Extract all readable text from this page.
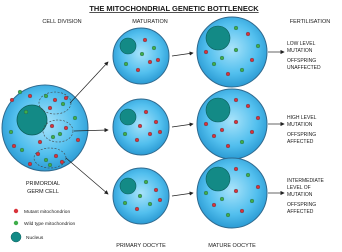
THE MITOCHONDRIAL GENETIC BOTTLENECK
CELL DIVISION	MATURATION	FERTILISATION
PRIMORDIAL
GERM CELL
LOW LEVEL
MUTATION
OFFSPRING
UNAFFECTED
HIGH LEVEL
MUTATION
OFFSPRING
AFFECTED
INTERMEDIATE
LEVEL OF
MUTATION
OFFSPRING
AFFECTED
PRIMARY OOCYTE	MATURE OOCYTE
Mutant mitochondrion
Wild type mitochondrion
Nucleus
